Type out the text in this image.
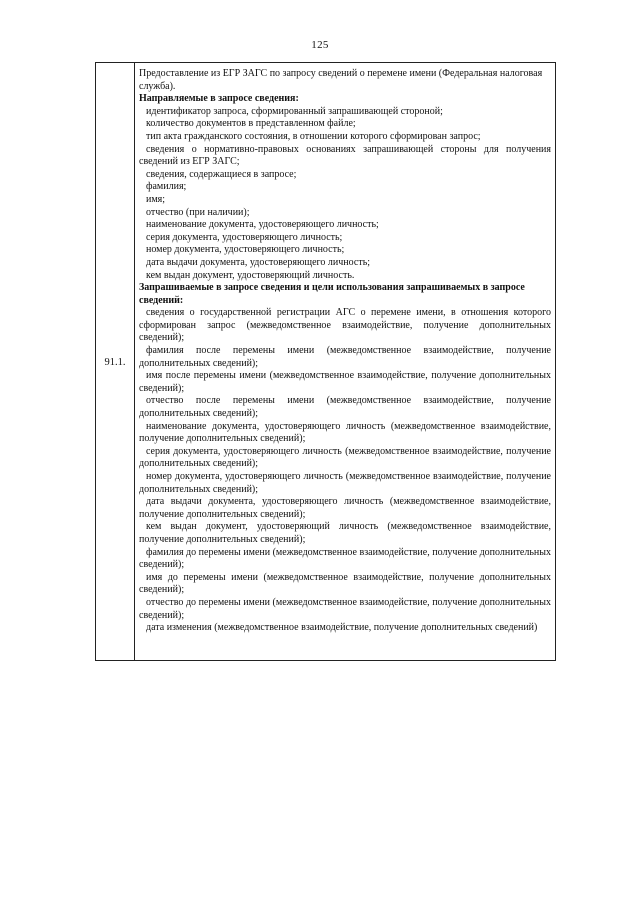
125
91.1.

Предоставление из ЕГР ЗАГС по запросу сведений о перемене имени (Федеральная налоговая служба).

Направляемые в запросе сведения:

идентификатор запроса, сформированный запрашивающей стороной;

количество документов в представленном файле;

тип акта гражданского состояния, в отношении которого сформирован запрос;

сведения о нормативно-правовых основаниях запрашивающей стороны для получения сведений из ЕГР ЗАГС;

сведения, содержащиеся в запросе;

фамилия;

имя;

отчество (при наличии);

наименование документа, удостоверяющего личность;

серия документа, удостоверяющего личность;

номер документа, удостоверяющего личность;

дата выдачи документа, удостоверяющего личность;

кем выдан документ, удостоверяющий личность.

Запрашиваемые в запросе сведения и цели использования запрашиваемых в запросе сведений:

сведения о государственной регистрации АГС о перемене имени, в отношения которого сформирован запрос (межведомственное взаимодействие, получение дополнительных сведений);

фамилия после перемены имени (межведомственное взаимодействие, получение дополнительных сведений);

имя после перемены имени (межведомственное взаимодействие, получение дополнительных сведений);

отчество после перемены имени (межведомственное взаимодействие, получение дополнительных сведений);

наименование документа, удостоверяющего личность (межведомственное взаимодействие, получение дополнительных сведений);

серия документа, удостоверяющего личность (межведомственное взаимодействие, получение дополнительных сведений);

номер документа, удостоверяющего личность (межведомственное взаимодействие, получение дополнительных сведений);

дата выдачи документа, удостоверяющего личность (межведомственное взаимодействие, получение дополнительных сведений);

кем выдан документ, удостоверяющий личность (межведомственное взаимодействие, получение дополнительных сведений);

фамилия до перемены имени (межведомственное взаимодействие, получение дополнительных сведений);

имя до перемены имени (межведомственное взаимодействие, получение дополнительных сведений);

отчество до перемены имени (межведомственное взаимодействие, получение дополнительных сведений);

дата изменения (межведомственное взаимодействие, получение дополнительных сведений)
